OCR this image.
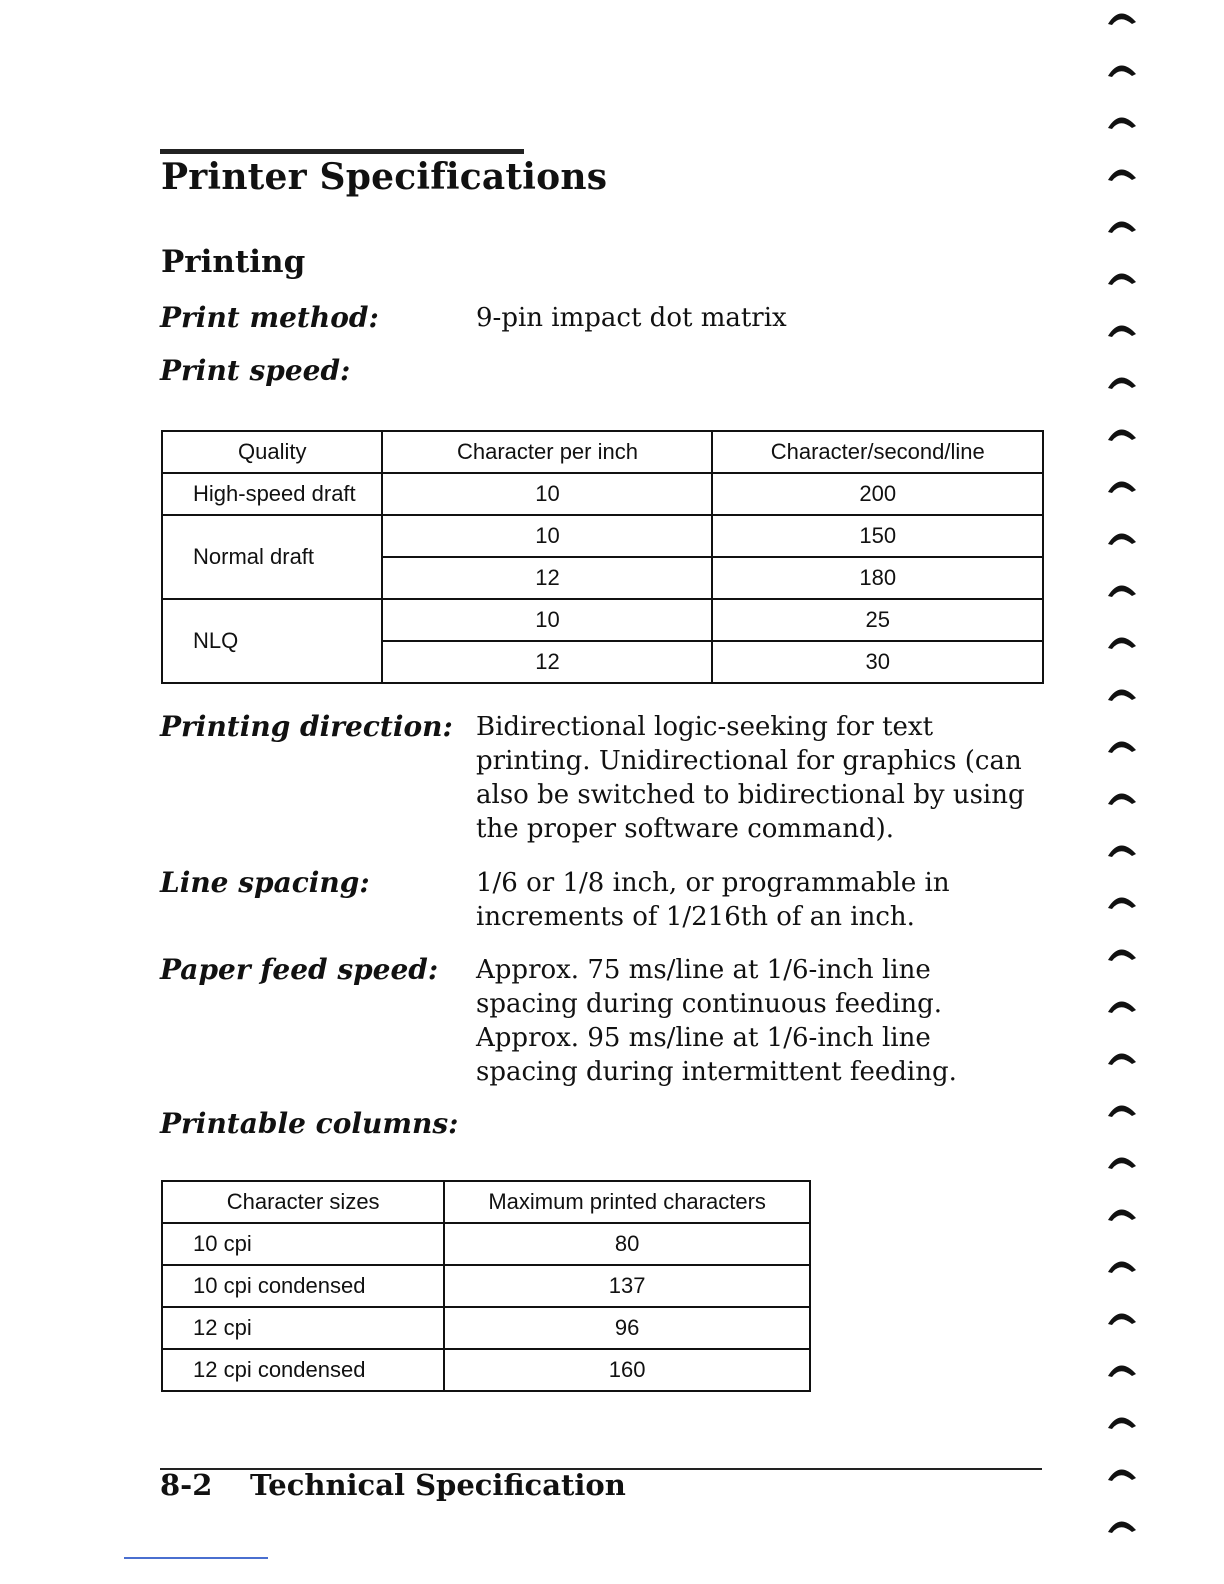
Printer Specifications
Printing
Print method:	9-pin impact dot matrix
Print speed:
Quality	Character per inch	Character/second/line
High-speed draft	10	200
Normal draft	10	150
	12	180
NLQ	10	25
	12	30
Printing direction: Bidirectional logic-seeking for text
printing. Unidirectional for graphics (can
also be switched to bidirectional by using
the proper software command).
Line spacing:	1/6 or 1/8 inch, or programmable in
increments of 1/216th of an inch.
Paper feed speed: Approx. 75 ms/line at 1/6-inch line
spacing during continuous feeding.
Approx. 95 ms/line at 1/6-inch line
spacing during intermittent feeding.
Printable columns:
Character sizes	Maximum printed characters
10 cpi	80
10 cpi condensed	137
12 cpi	96
12 cpi condensed	160
8-2 Technical Specification
